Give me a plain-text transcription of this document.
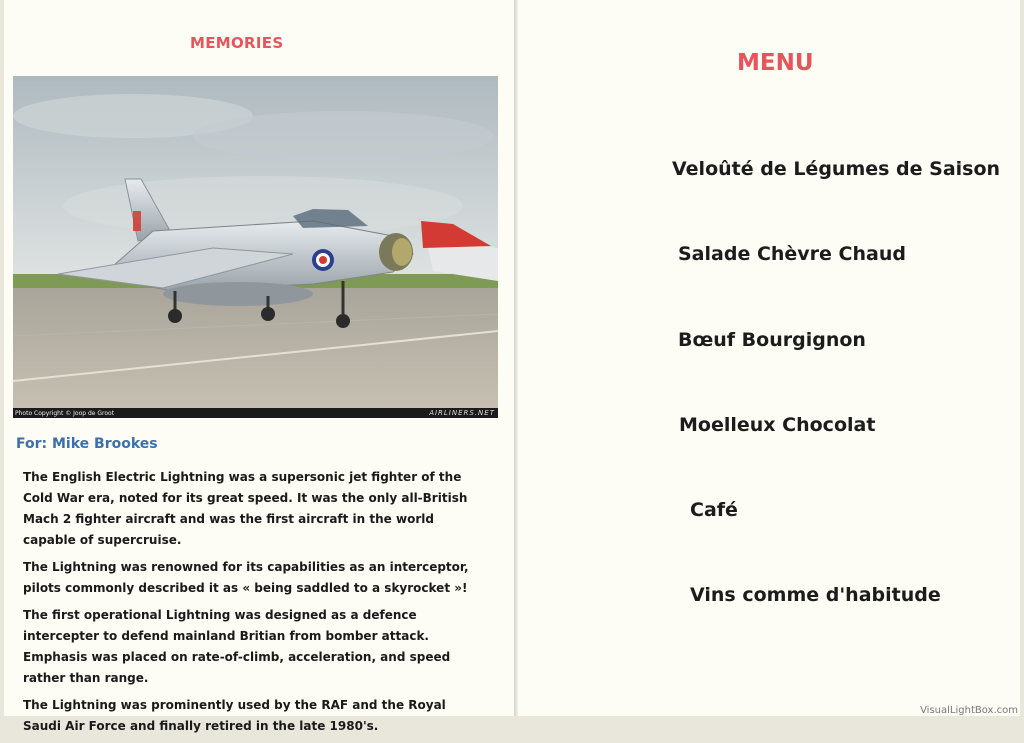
MEMORIES
Photo Copyright © Joop de Groot	AIRLINERS.NET
For: Mike Brookes

The English Electric Lightning was a supersonic jet fighter of the Cold War era, noted for its great speed. It was the only all-British Mach 2 fighter aircraft and was the first aircraft in the world capable of supercruise.

The Lightning was renowned for its capabilities as an interceptor, pilots commonly described it as « being saddled to a skyrocket »!

The first operational Lightning was designed as a defence intercepter to defend mainland Britian from bomber attack. Emphasis was placed on rate-of-climb, acceleration, and speed rather than range.

The Lightning was prominently used by the RAF and the Royal Saudi Air Force and finally retired in the late 1980's.

MENU
Veloûté de Légumes de Saison
Salade Chèvre Chaud
Bœuf Bourgignon
Moelleux Chocolat
Café
Vins comme d'habitude
VisualLightBox.com
